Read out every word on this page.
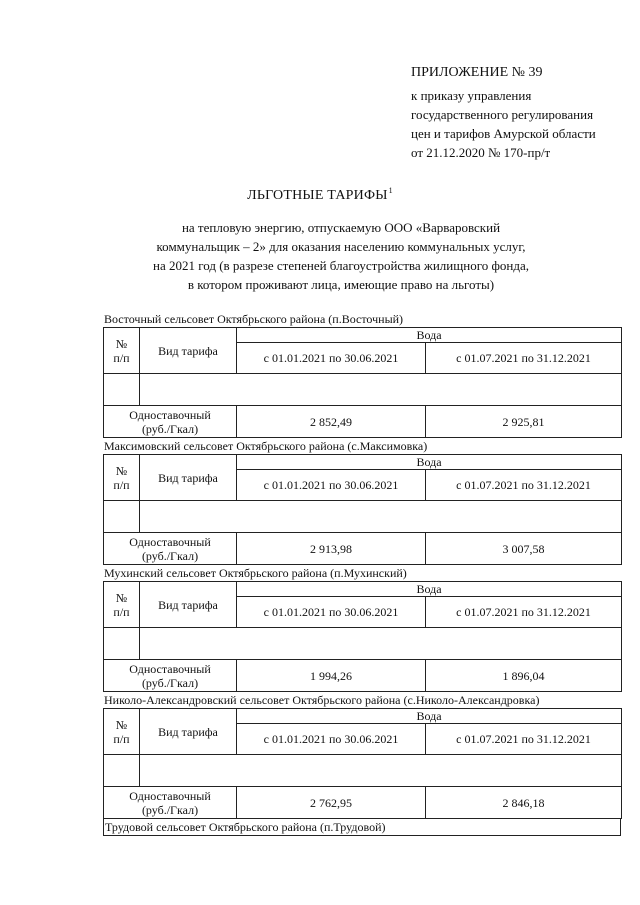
ПРИЛОЖЕНИЕ № 39
к приказу управления
государственного регулирования
цен и тарифов Амурской области
от 21.12.2020 № 170-пр/т
ЛЬГОТНЫЕ ТАРИФЫ$^1$
на тепловую энергию, отпускаемую ООО «Варваровский
коммунальщик – 2» для оказания населению коммунальных услуг,
на 2021 год (в разрезе степеней благоустройства жилищного фонда,
в котором проживают лица, имеющие право на льготы)
Восточный сельсовет Октябрьского района (п.Восточный)
№
п/п	Вид тарифа	Вода	
		с 01.01.2021 по 30.06.2021	с 01.07.2021 по 31.12.2021

Одноставочный
(руб./Гкал)		2 852,49	2 925,81
Максимовский сельсовет Октябрьского района (с.Максимовка)
№
п/п	Вид тарифа	Вода	
		с 01.01.2021 по 30.06.2021	с 01.07.2021 по 31.12.2021

Одноставочный
(руб./Гкал)		2 913,98	3 007,58
Мухинский сельсовет Октябрьского района (п.Мухинский)
№
п/п	Вид тарифа	Вода	
		с 01.01.2021 по 30.06.2021	с 01.07.2021 по 31.12.2021

Одноставочный
(руб./Гкал)		1 994,26	1 896,04
Николо-Александровский сельсовет Октябрьского района (с.Николо-Александровка)
№
п/п	Вид тарифа	Вода	
		с 01.01.2021 по 30.06.2021	с 01.07.2021 по 31.12.2021

Одноставочный
(руб./Гкал)		2 762,95	2 846,18
Трудовой сельсовет Октябрьского района (п.Трудовой)
